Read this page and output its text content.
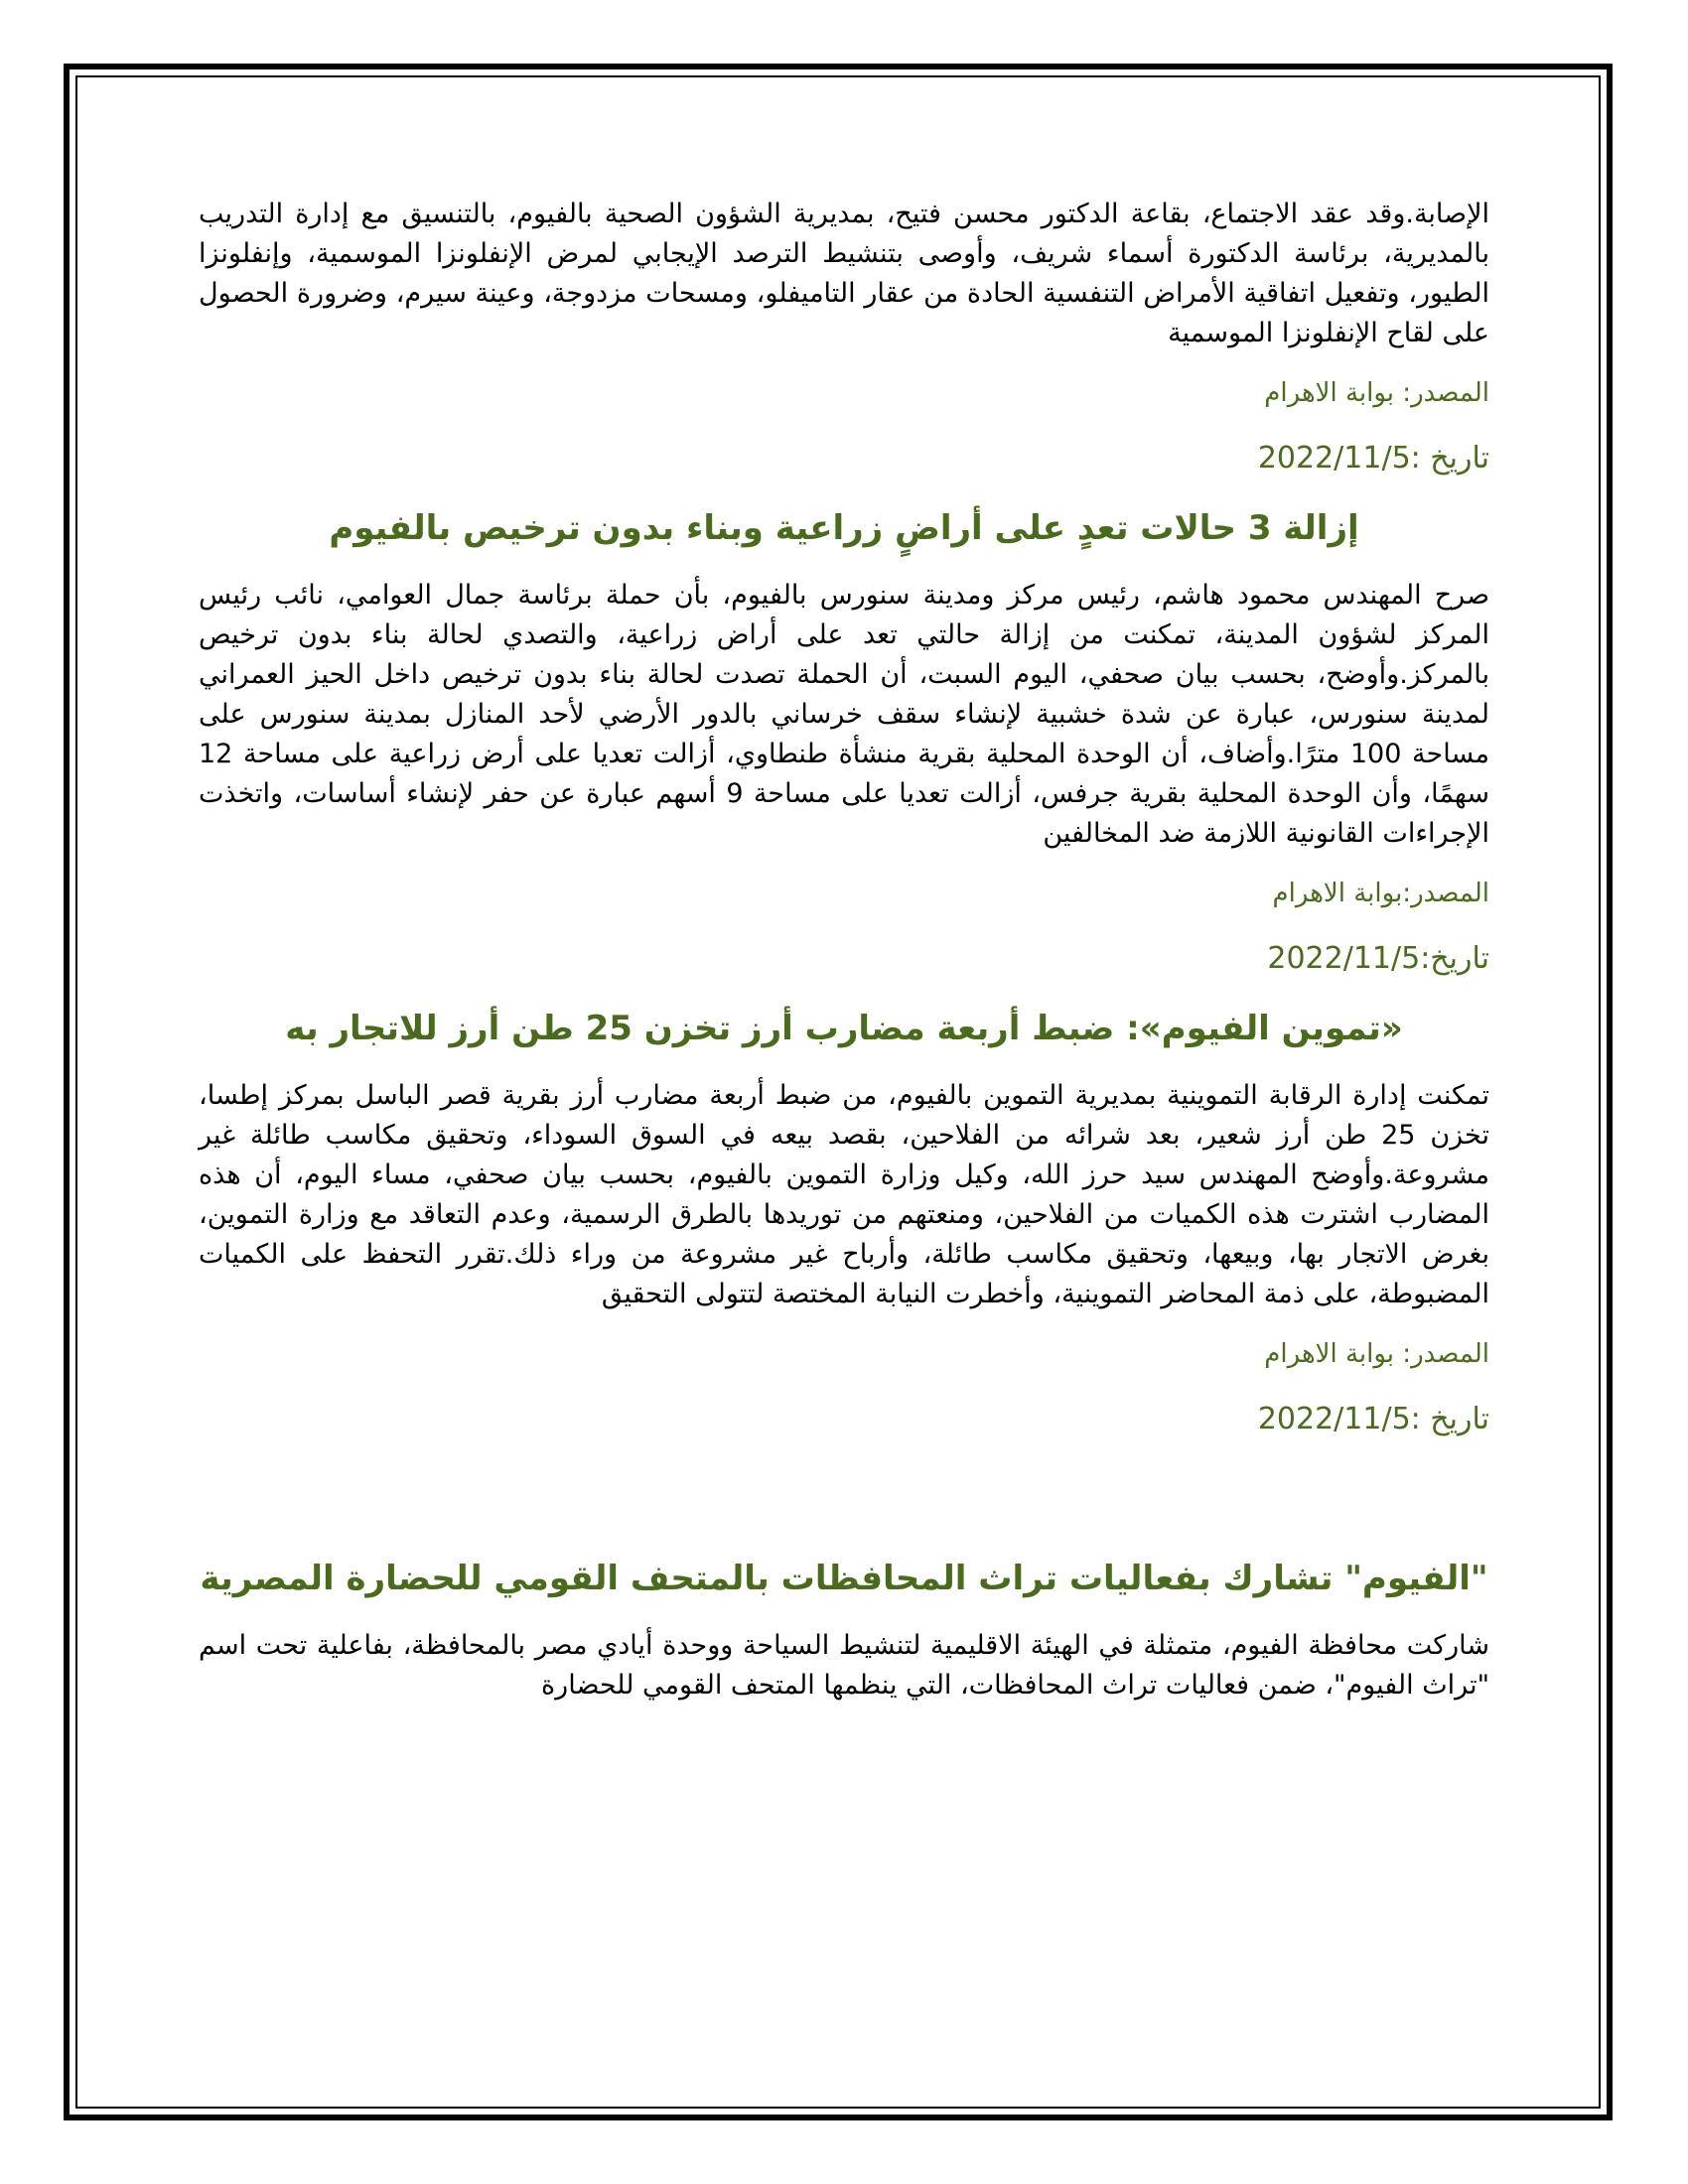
الإصابة.وقد عقد الاجتماع، بقاعة الدكتور محسن فتيح، بمديرية الشؤون الصحية بالفيوم، بالتنسيق مع إدارة التدريب بالمديرية، برئاسة الدكتورة أسماء شريف، وأوصى بتنشيط الترصد الإيجابي لمرض الإنفلونزا الموسمية، وإنفلونزا الطيور، وتفعيل اتفاقية الأمراض التنفسية الحادة من عقار التاميفلو، ومسحات مزدوجة، وعينة سيرم، وضرورة الحصول على لقاح الإنفلونزا الموسمية

المصدر: بوابة الاهرام

تاريخ :2022/11/5

إزالة 3 حالات تعدٍ على أراضٍ زراعية وبناء بدون ترخيص بالفيوم

صرح المهندس محمود هاشم، رئيس مركز ومدينة سنورس بالفيوم، بأن حملة برئاسة جمال العوامي، نائب رئيس المركز لشؤون المدينة، تمكنت من إزالة حالتي تعد على أراض زراعية، والتصدي لحالة بناء بدون ترخيص بالمركز.وأوضح، بحسب بيان صحفي، اليوم السبت، أن الحملة تصدت لحالة بناء بدون ترخيص داخل الحيز العمراني لمدينة سنورس، عبارة عن شدة خشبية لإنشاء سقف خرساني بالدور الأرضي لأحد المنازل بمدينة سنورس على مساحة 100 مترًا.وأضاف، أن الوحدة المحلية بقرية منشأة طنطاوي، أزالت تعديا على أرض زراعية على مساحة 12 سهمًا، وأن الوحدة المحلية بقرية جرفس، أزالت تعديا على مساحة 9 أسهم عبارة عن حفر لإنشاء أساسات، واتخذت الإجراءات القانونية اللازمة ضد المخالفين

المصدر:بوابة الاهرام

تاريخ:2022/11/5

«تموين الفيوم»: ضبط أربعة مضارب أرز تخزن 25 طن أرز للاتجار به

تمكنت إدارة الرقابة التموينية بمديرية التموين بالفيوم، من ضبط أربعة مضارب أرز بقرية قصر الباسل بمركز إطسا، تخزن 25 طن أرز شعير، بعد شرائه من الفلاحين، بقصد بيعه في السوق السوداء، وتحقيق مكاسب طائلة غير مشروعة.وأوضح المهندس سيد حرز الله، وكيل وزارة التموين بالفيوم، بحسب بيان صحفي، مساء اليوم، أن هذه المضارب اشترت هذه الكميات من الفلاحين، ومنعتهم من توريدها بالطرق الرسمية، وعدم التعاقد مع وزارة التموين، بغرض الاتجار بها، وبيعها، وتحقيق مكاسب طائلة، وأرباح غير مشروعة من وراء ذلك.تقرر التحفظ على الكميات المضبوطة، على ذمة المحاضر التموينية، وأخطرت النيابة المختصة لتتولى التحقيق

المصدر: بوابة الاهرام

تاريخ :2022/11/5

"الفيوم" تشارك بفعاليات تراث المحافظات بالمتحف القومي للحضارة المصرية

شاركت محافظة الفيوم، متمثلة في الهيئة الاقليمية لتنشيط السياحة ووحدة أيادي مصر بالمحافظة، بفاعلية تحت اسم "تراث الفيوم"، ضمن فعاليات تراث المحافظات، التي ينظمها المتحف القومي للحضارة
